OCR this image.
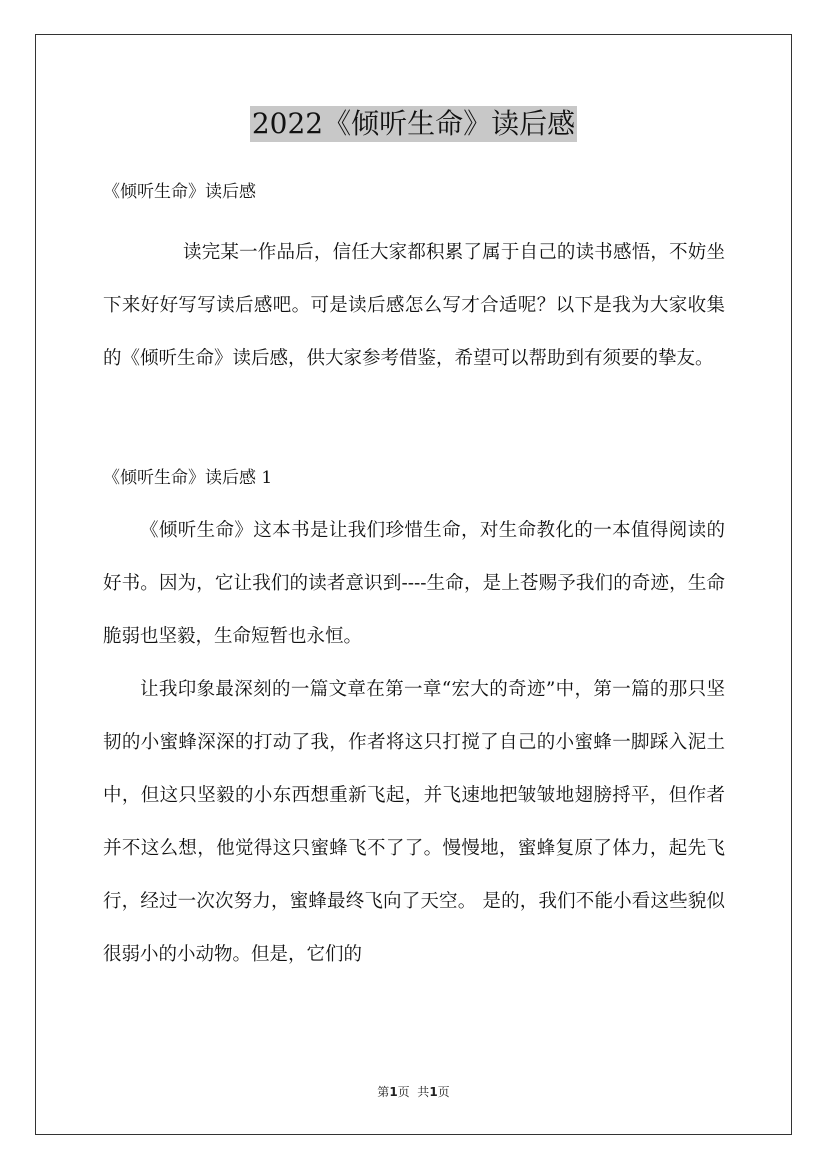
2022《倾听生命》读后感

《倾听生命》读后感

读完某一作品后，信任大家都积累了属于自己的读书感悟，不妨坐下来好好写写读后感吧。可是读后感怎么写才合适呢？以下是我为大家收集的《倾听生命》读后感，供大家参考借鉴，希望可以帮助到有须要的挚友。

《倾听生命》读后感 1

《倾听生命》这本书是让我们珍惜生命，对生命教化的一本值得阅读的好书。因为，它让我们的读者意识到----生命，是上苍赐予我们的奇迹，生命脆弱也坚毅，生命短暂也永恒。

让我印象最深刻的一篇文章在第一章“宏大的奇迹”中，第一篇的那只坚韧的小蜜蜂深深的打动了我，作者将这只打搅了自己的小蜜蜂一脚踩入泥土中，但这只坚毅的小东西想重新飞起，并飞速地把皱皱地翅膀捋平，但作者并不这么想，他觉得这只蜜蜂飞不了了。慢慢地，蜜蜂复原了体力，起先飞行，经过一次次努力，蜜蜂最终飞向了天空。 是的，我们不能小看这些貌似很弱小的小动物。但是，它们的

第1页  共1页
